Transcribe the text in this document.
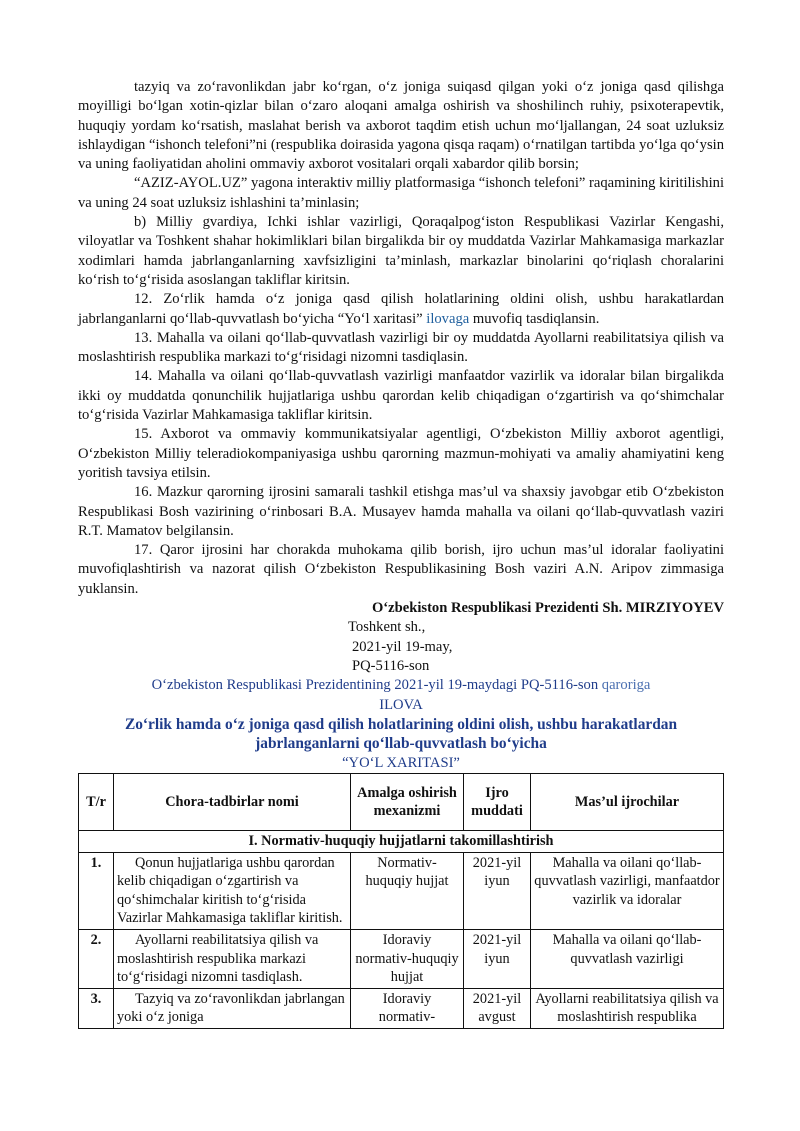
tazyiq va zo‘ravonlikdan jabr ko‘rgan, o‘z joniga suiqasd qilgan yoki o‘z joniga qasd qilishga moyilligi bo‘lgan xotin-qizlar bilan o‘zaro aloqani amalga oshirish va shoshilinch ruhiy, psixoterapevtik, huquqiy yordam ko‘rsatish, maslahat berish va axborot taqdim etish uchun mo‘ljallangan, 24 soat uzluksiz ishlaydigan “ishonch telefoni”ni (respublika doirasida yagona qisqa raqam) o‘rnatilgan tartibda yo‘lga qo‘ysin va uning faoliyatidan aholini ommaviy axborot vositalari orqali xabardor qilib borsin;

“AZIZ-AYOL.UZ” yagona interaktiv milliy platformasiga “ishonch telefoni” raqamining kiritilishini va uning 24 soat uzluksiz ishlashini ta’minlasin;

b) Milliy gvardiya, Ichki ishlar vazirligi, Qoraqalpog‘iston Respublikasi Vazirlar Kengashi, viloyatlar va Toshkent shahar hokimliklari bilan birgalikda bir oy muddatda Vazirlar Mahkamasiga markazlar xodimlari hamda jabrlanganlarning xavfsizligini ta’minlash, markazlar binolarini qo‘riqlash choralarini ko‘rish to‘g‘risida asoslangan takliflar kiritsin.

12. Zo‘rlik hamda o‘z joniga qasd qilish holatlarining oldini olish, ushbu harakatlardan jabrlanganlarni qo‘llab-quvvatlash bo‘yicha “Yo‘l xaritasi” ilovaga muvofiq tasdiqlansin.

13. Mahalla va oilani qo‘llab-quvvatlash vazirligi bir oy muddatda Ayollarni reabilitatsiya qilish va moslashtirish respublika markazi to‘g‘risidagi nizomni tasdiqlasin.

14. Mahalla va oilani qo‘llab-quvvatlash vazirligi manfaatdor vazirlik va idoralar bilan birgalikda ikki oy muddatda qonunchilik hujjatlariga ushbu qarordan kelib chiqadigan o‘zgartirish va qo‘shimchalar to‘g‘risida Vazirlar Mahkamasiga takliflar kiritsin.

15. Axborot va ommaviy kommunikatsiyalar agentligi, O‘zbekiston Milliy axborot agentligi, O‘zbekiston Milliy teleradiokompaniyasiga ushbu qarorning mazmun-mohiyati va amaliy ahamiyatini keng yoritish tavsiya etilsin.

16. Mazkur qarorning ijrosini samarali tashkil etishga mas’ul va shaxsiy javobgar etib O‘zbekiston Respublikasi Bosh vazirining o‘rinbosari B.A. Musayev hamda mahalla va oilani qo‘llab-quvvatlash vaziri R.T. Mamatov belgilansin.

17. Qaror ijrosini har chorakda muhokama qilib borish, ijro uchun mas’ul idoralar faoliyatini muvofiqlashtirish va nazorat qilish O‘zbekiston Respublikasining Bosh vaziri A.N. Aripov zimmasiga yuklansin.

O‘zbekiston Respublikasi Prezidenti Sh. MIRZIYOYEV

Toshkent sh.,
2021-yil 19-may,
PQ-5116-son
O‘zbekiston Respublikasi Prezidentining 2021-yil 19-maydagi PQ-5116-son qaroriga
ILOVA
Zo‘rlik hamda o‘z joniga qasd qilish holatlarining oldini olish, ushbu harakatlardan
jabrlanganlarni qo‘llab-quvvatlash bo‘yicha
“YO‘L XARITASI”
T/r	Chora-tadbirlar nomi	Amalga oshirish mexanizmi	Ijro muddati	Mas’ul ijrochilar
I. Normativ-huquqiy hujjatlarni takomillashtirish				
1.	Qonun hujjatlariga ushbu qarordan kelib chiqadigan o‘zgartirish va qo‘shimchalar kiritish to‘g‘risida Vazirlar Mahkamasiga takliflar kiritish.	Normativ-huquqiy hujjat	2021-yil iyun	Mahalla va oilani qo‘llab-quvvatlash vazirligi, manfaatdor vazirlik va idoralar
2.	Ayollarni reabilitatsiya qilish va moslashtirish respublika markazi to‘g‘risidagi nizomni tasdiqlash.	Idoraviy normativ-huquqiy hujjat	2021-yil iyun	Mahalla va oilani qo‘llab-quvvatlash vazirligi
3.	Tazyiq va zo‘ravonlikdan jabrlangan yoki o‘z joniga	Idoraviy normativ-	2021-yil avgust	Ayollarni reabilitatsiya qilish va moslashtirish respublika
